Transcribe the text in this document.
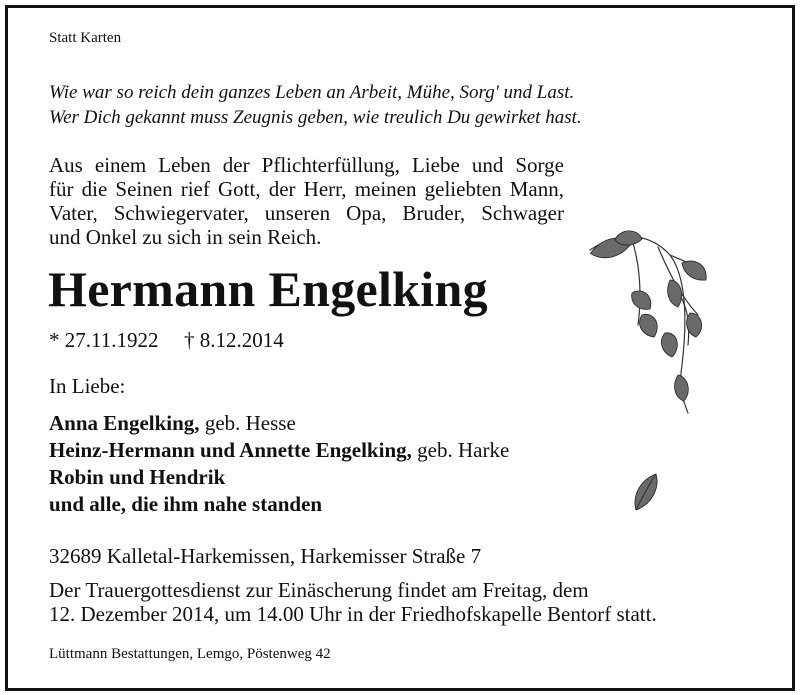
Statt Karten
Wie war so reich dein ganzes Leben an Arbeit, Mühe, Sorg' und Last.
Wer Dich gekannt muss Zeugnis geben, wie treulich Du gewirket hast.
Aus einem Leben der Pflichterfüllung, Liebe und Sorge
für die Seinen rief Gott, der Herr, meinen geliebten Mann,
Vater, Schwiegervater, unseren Opa, Bruder, Schwager
und Onkel zu sich in sein Reich.
Hermann Engelking
* 27.11.1922 † 8.12.2014
In Liebe:
Anna Engelking, geb. Hesse
Heinz-Hermann und Annette Engelking, geb. Harke
Robin und Hendrik
und alle, die ihm nahe standen
32689 Kalletal-Harkemissen, Harkemisser Straße 7
Der Trauergottesdienst zur Einäscherung findet am Freitag, dem
12. Dezember 2014, um 14.00 Uhr in der Friedhofskapelle Bentorf statt.
Lüttmann Bestattungen, Lemgo, Pöstenweg 42
